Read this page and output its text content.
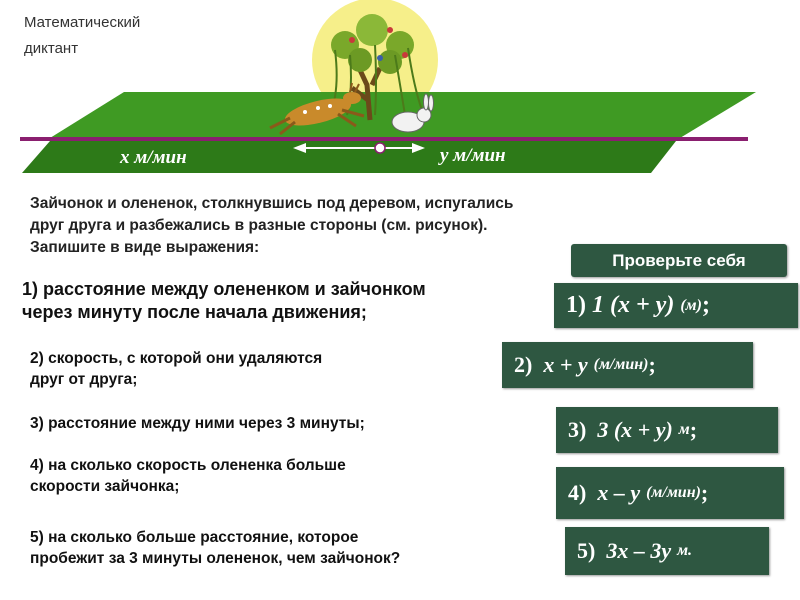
Математический
диктант
x м/мин	у м/мин
Зайчонок и олененок, столкнувшись под деревом, испугались
друг друга и разбежались в разные стороны (см. рисунок).
Запишите в виде выражения:
1) расстояние между олененком и зайчонком
через минуту после начала движения;
2) скорость, с которой они удаляются
друг от друга;
3) расстояние между ними через 3 минуты;
4) на сколько скорость олененка больше
скорости зайчонка;
5) на сколько больше расстояние, которое
пробежит за 3 минуты олененок, чем зайчонок?
Проверьте себя
1)
1 (x + y) (м) ;
2)
x + y (м/мин) ;
3)
3 (x + y) м ;
4)
x – y (м/мин) ;
5)
3x – 3y м.
